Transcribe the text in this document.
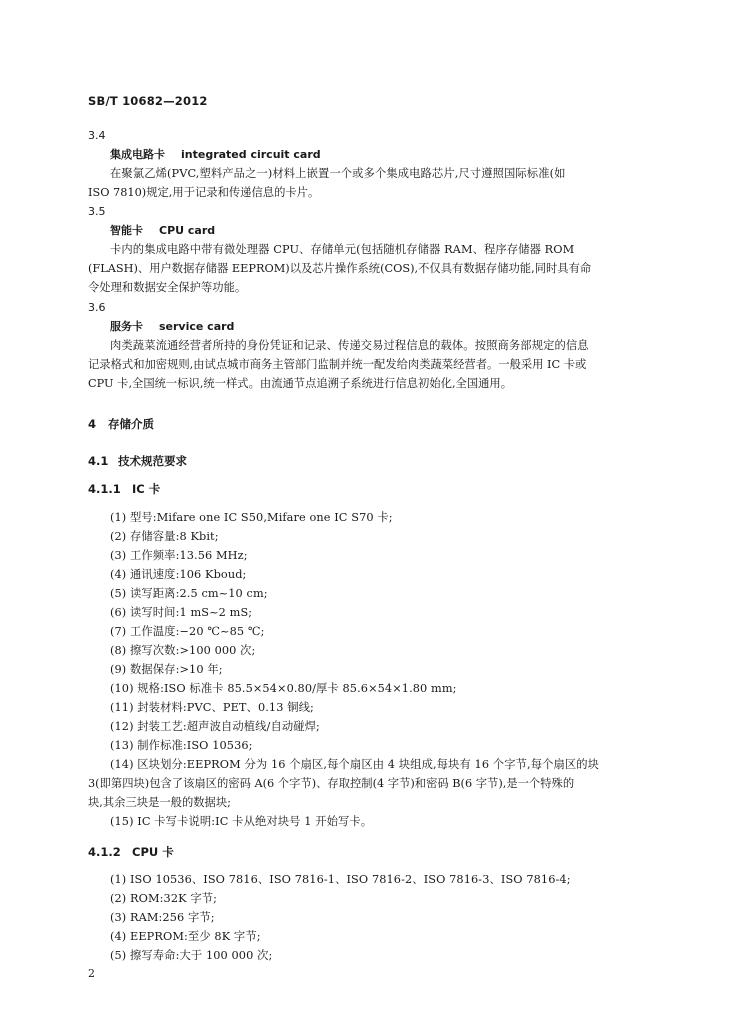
SB/T 10682—2012
3.4
集成电路卡 integrated circuit card
在聚氯乙烯(PVC,塑料产品之一)材料上嵌置一个或多个集成电路芯片,尺寸遵照国际标准(如
ISO 7810)规定,用于记录和传递信息的卡片。
3.5
智能卡 CPU card
卡内的集成电路中带有微处理器 CPU、存储单元(包括随机存储器 RAM、程序存储器 ROM
(FLASH)、用户数据存储器 EEPROM)以及芯片操作系统(COS),不仅具有数据存储功能,同时具有命
令处理和数据安全保护等功能。
3.6
服务卡 service card
肉类蔬菜流通经营者所持的身份凭证和记录、传递交易过程信息的载体。按照商务部规定的信息
记录格式和加密规则,由试点城市商务主管部门监制并统一配发给肉类蔬菜经营者。一般采用 IC 卡或
CPU 卡,全国统一标识,统一样式。由流通节点追溯子系统进行信息初始化,全国通用。
4 存储介质
4.1 技术规范要求
4.1.1 IC 卡
(1) 型号:Mifare one IC S50,Mifare one IC S70 卡;
(2) 存储容量:8 Kbit;
(3) 工作频率:13.56 MHz;
(4) 通讯速度:106 Kboud;
(5) 读写距离:2.5 cm~10 cm;
(6) 读写时间:1 mS~2 mS;
(7) 工作温度:−20 ℃~85 ℃;
(8) 擦写次数:>100 000 次;
(9) 数据保存:>10 年;
(10) 规格:ISO 标准卡 85.5×54×0.80/厚卡 85.6×54×1.80 mm;
(11) 封装材料:PVC、PET、0.13 铜线;
(12) 封装工艺:超声波自动植线/自动碰焊;
(13) 制作标准:ISO 10536;
(14) 区块划分:EEPROM 分为 16 个扇区,每个扇区由 4 块组成,每块有 16 个字节,每个扇区的块
3(即第四块)包含了该扇区的密码 A(6 个字节)、存取控制(4 字节)和密码 B(6 字节),是一个特殊的
块,其余三块是一般的数据块;
(15) IC 卡写卡说明:IC 卡从绝对块号 1 开始写卡。
4.1.2 CPU 卡
(1) ISO 10536、ISO 7816、ISO 7816-1、ISO 7816-2、ISO 7816-3、ISO 7816-4;
(2) ROM:32K 字节;
(3) RAM:256 字节;
(4) EEPROM:至少 8K 字节;
(5) 擦写寿命:大于 100 000 次;
2
